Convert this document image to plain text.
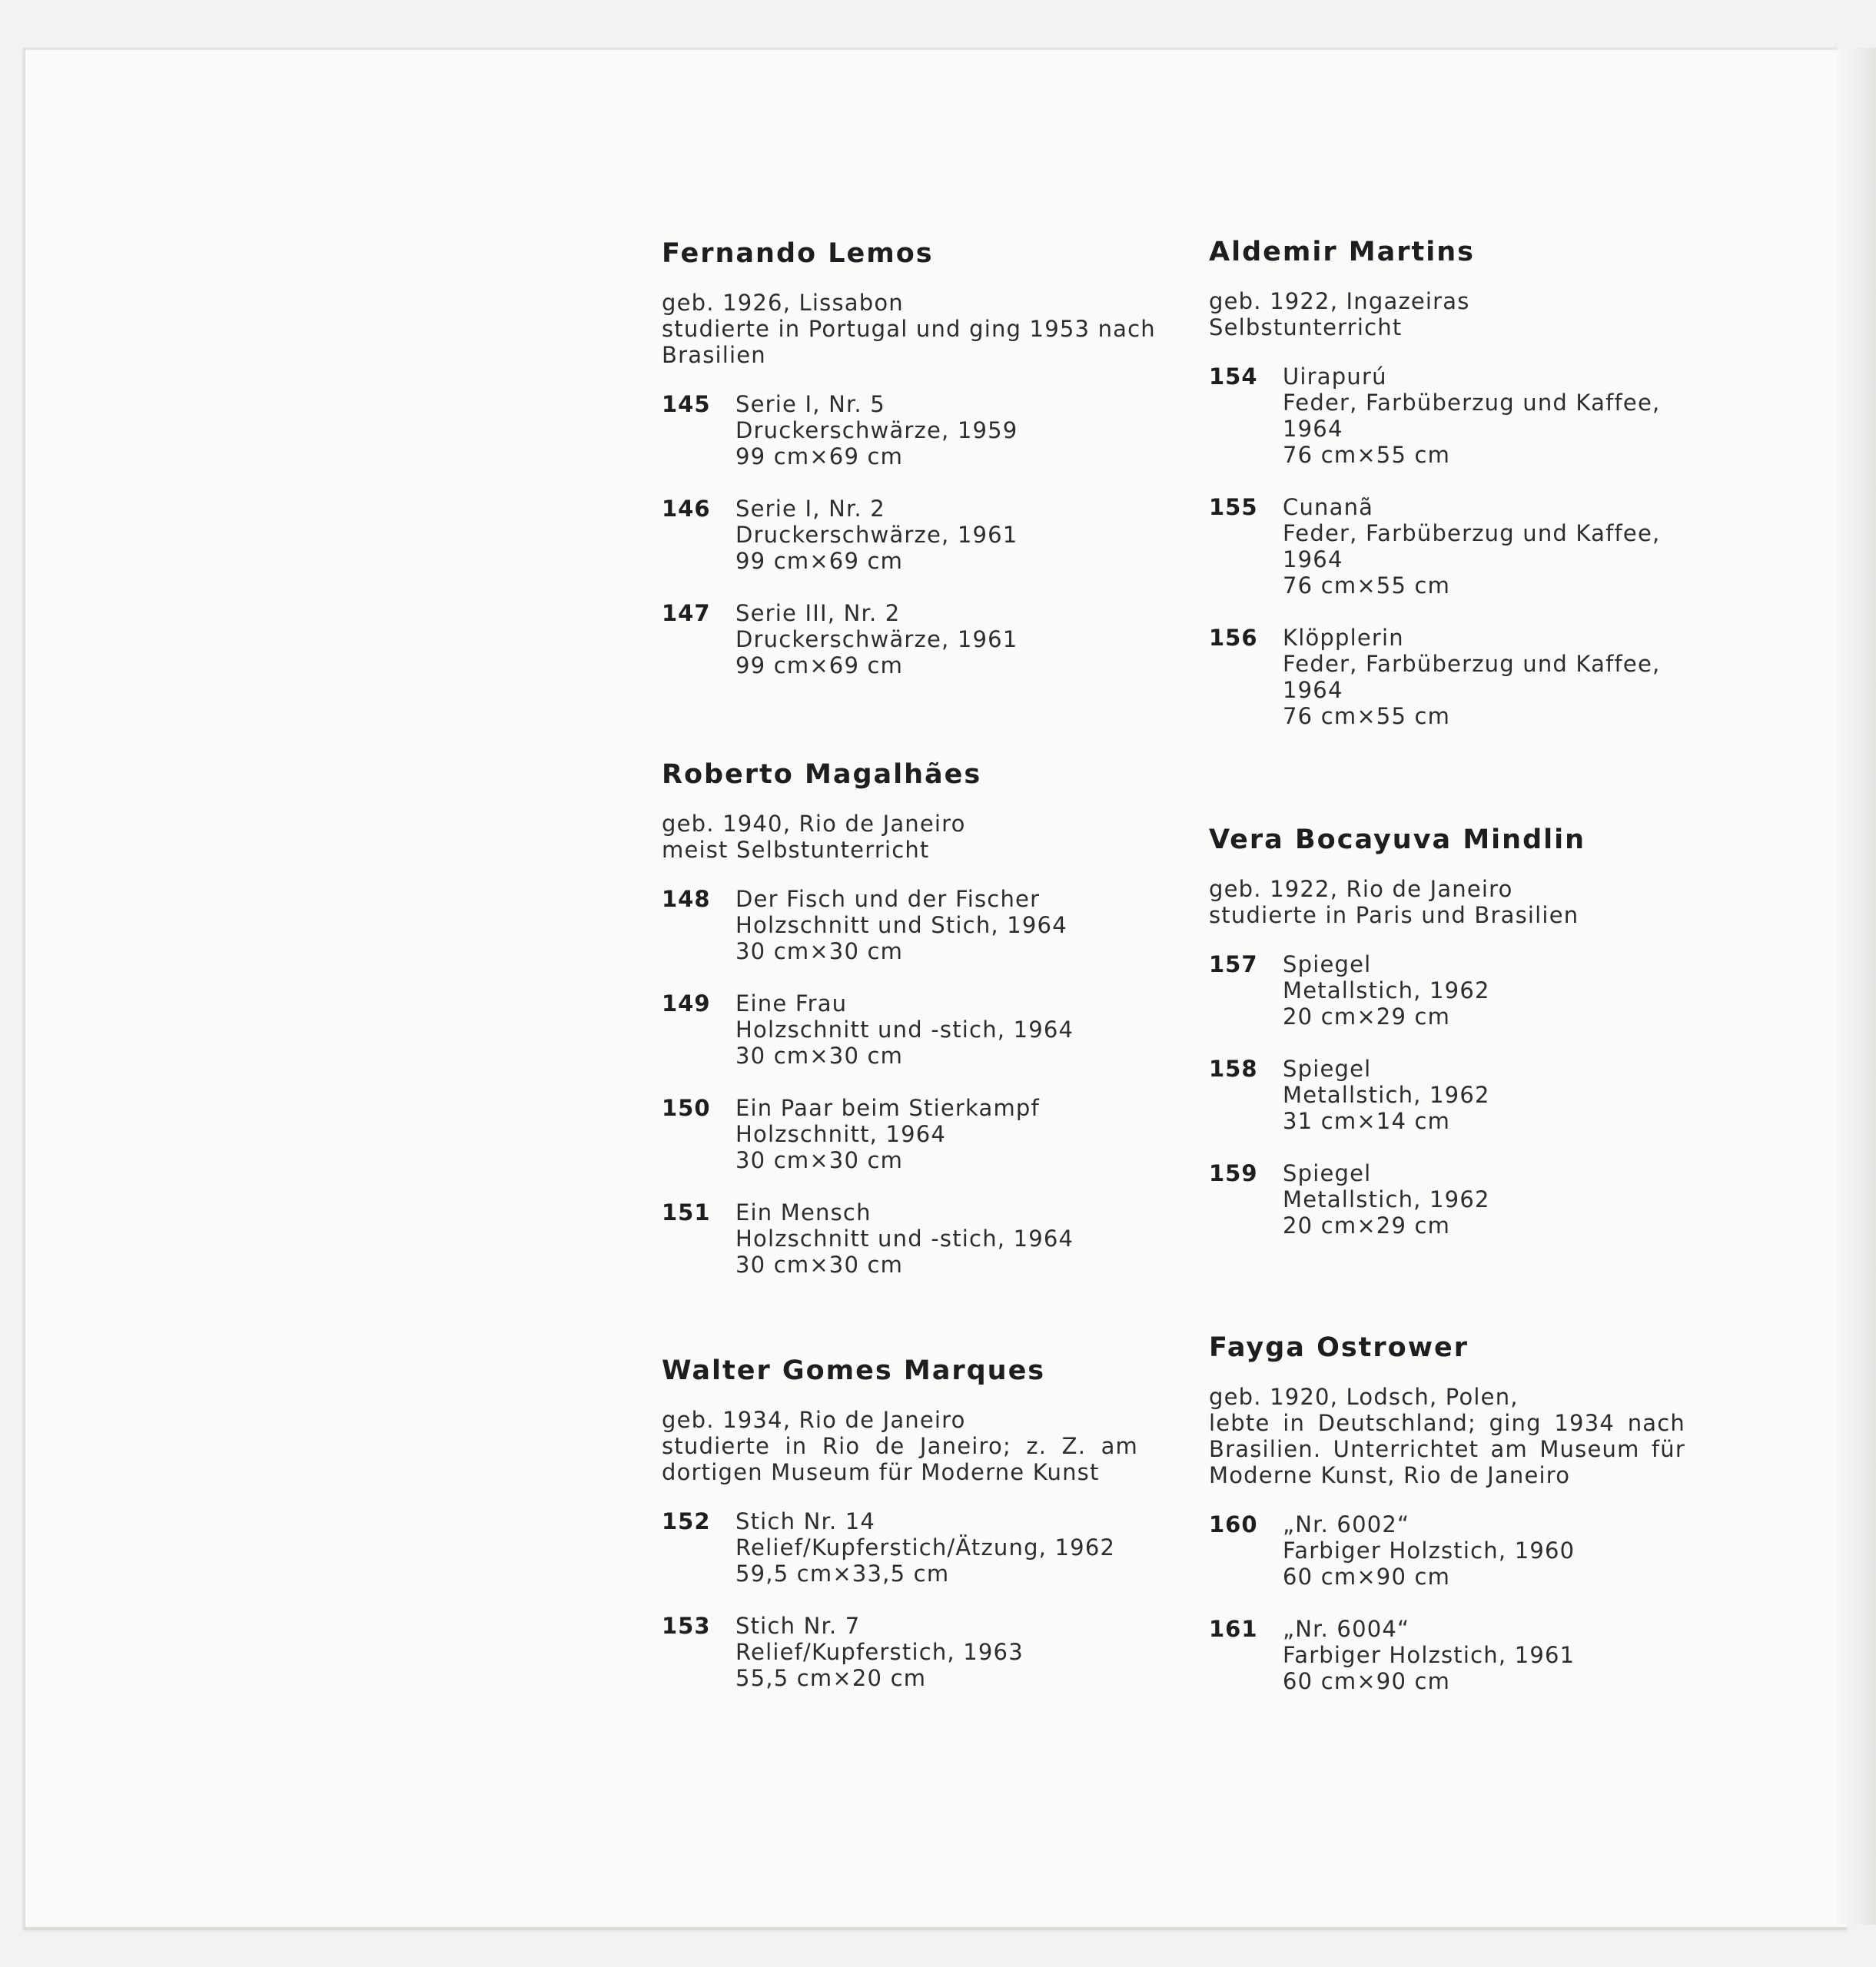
Fernando Lemos
geb. 1926, Lissabon
studierte in Portugal und ging 1953 nach
Brasilien
145	Serie I, Nr. 5
Druckerschwärze, 1959
99 cm×69 cm
146	Serie I, Nr. 2
Druckerschwärze, 1961
99 cm×69 cm
147	Serie III, Nr. 2
Druckerschwärze, 1961
99 cm×69 cm
Roberto Magalhães
geb. 1940, Rio de Janeiro
meist Selbstunterricht
148	Der Fisch und der Fischer
Holzschnitt und Stich, 1964
30 cm×30 cm
149	Eine Frau
Holzschnitt und -stich, 1964
30 cm×30 cm
150	Ein Paar beim Stierkampf
Holzschnitt, 1964
30 cm×30 cm
151	Ein Mensch
Holzschnitt und -stich, 1964
30 cm×30 cm
Walter Gomes Marques
geb. 1934, Rio de Janeiro
studierte in Rio de Janeiro; z. Z. am
dortigen Museum für Moderne Kunst
152	Stich Nr. 14
Relief/Kupferstich/Ätzung, 1962
59,5 cm×33,5 cm
153	Stich Nr. 7
Relief/Kupferstich, 1963
55,5 cm×20 cm
Aldemir Martins
geb. 1922, Ingazeiras
Selbstunterricht
154	Uirapurú
Feder, Farbüberzug und Kaffee,
1964
76 cm×55 cm
155	Cunanã
Feder, Farbüberzug und Kaffee,
1964
76 cm×55 cm
156	Klöpplerin
Feder, Farbüberzug und Kaffee,
1964
76 cm×55 cm
Vera Bocayuva Mindlin
geb. 1922, Rio de Janeiro
studierte in Paris und Brasilien
157	Spiegel
Metallstich, 1962
20 cm×29 cm
158	Spiegel
Metallstich, 1962
31 cm×14 cm
159	Spiegel
Metallstich, 1962
20 cm×29 cm
Fayga Ostrower
geb. 1920, Lodsch, Polen,
lebte in Deutschland; ging 1934 nach
Brasilien. Unterrichtet am Museum für
Moderne Kunst, Rio de Janeiro
160	„Nr. 6002“
Farbiger Holzstich, 1960
60 cm×90 cm
161	„Nr. 6004“
Farbiger Holzstich, 1961
60 cm×90 cm
